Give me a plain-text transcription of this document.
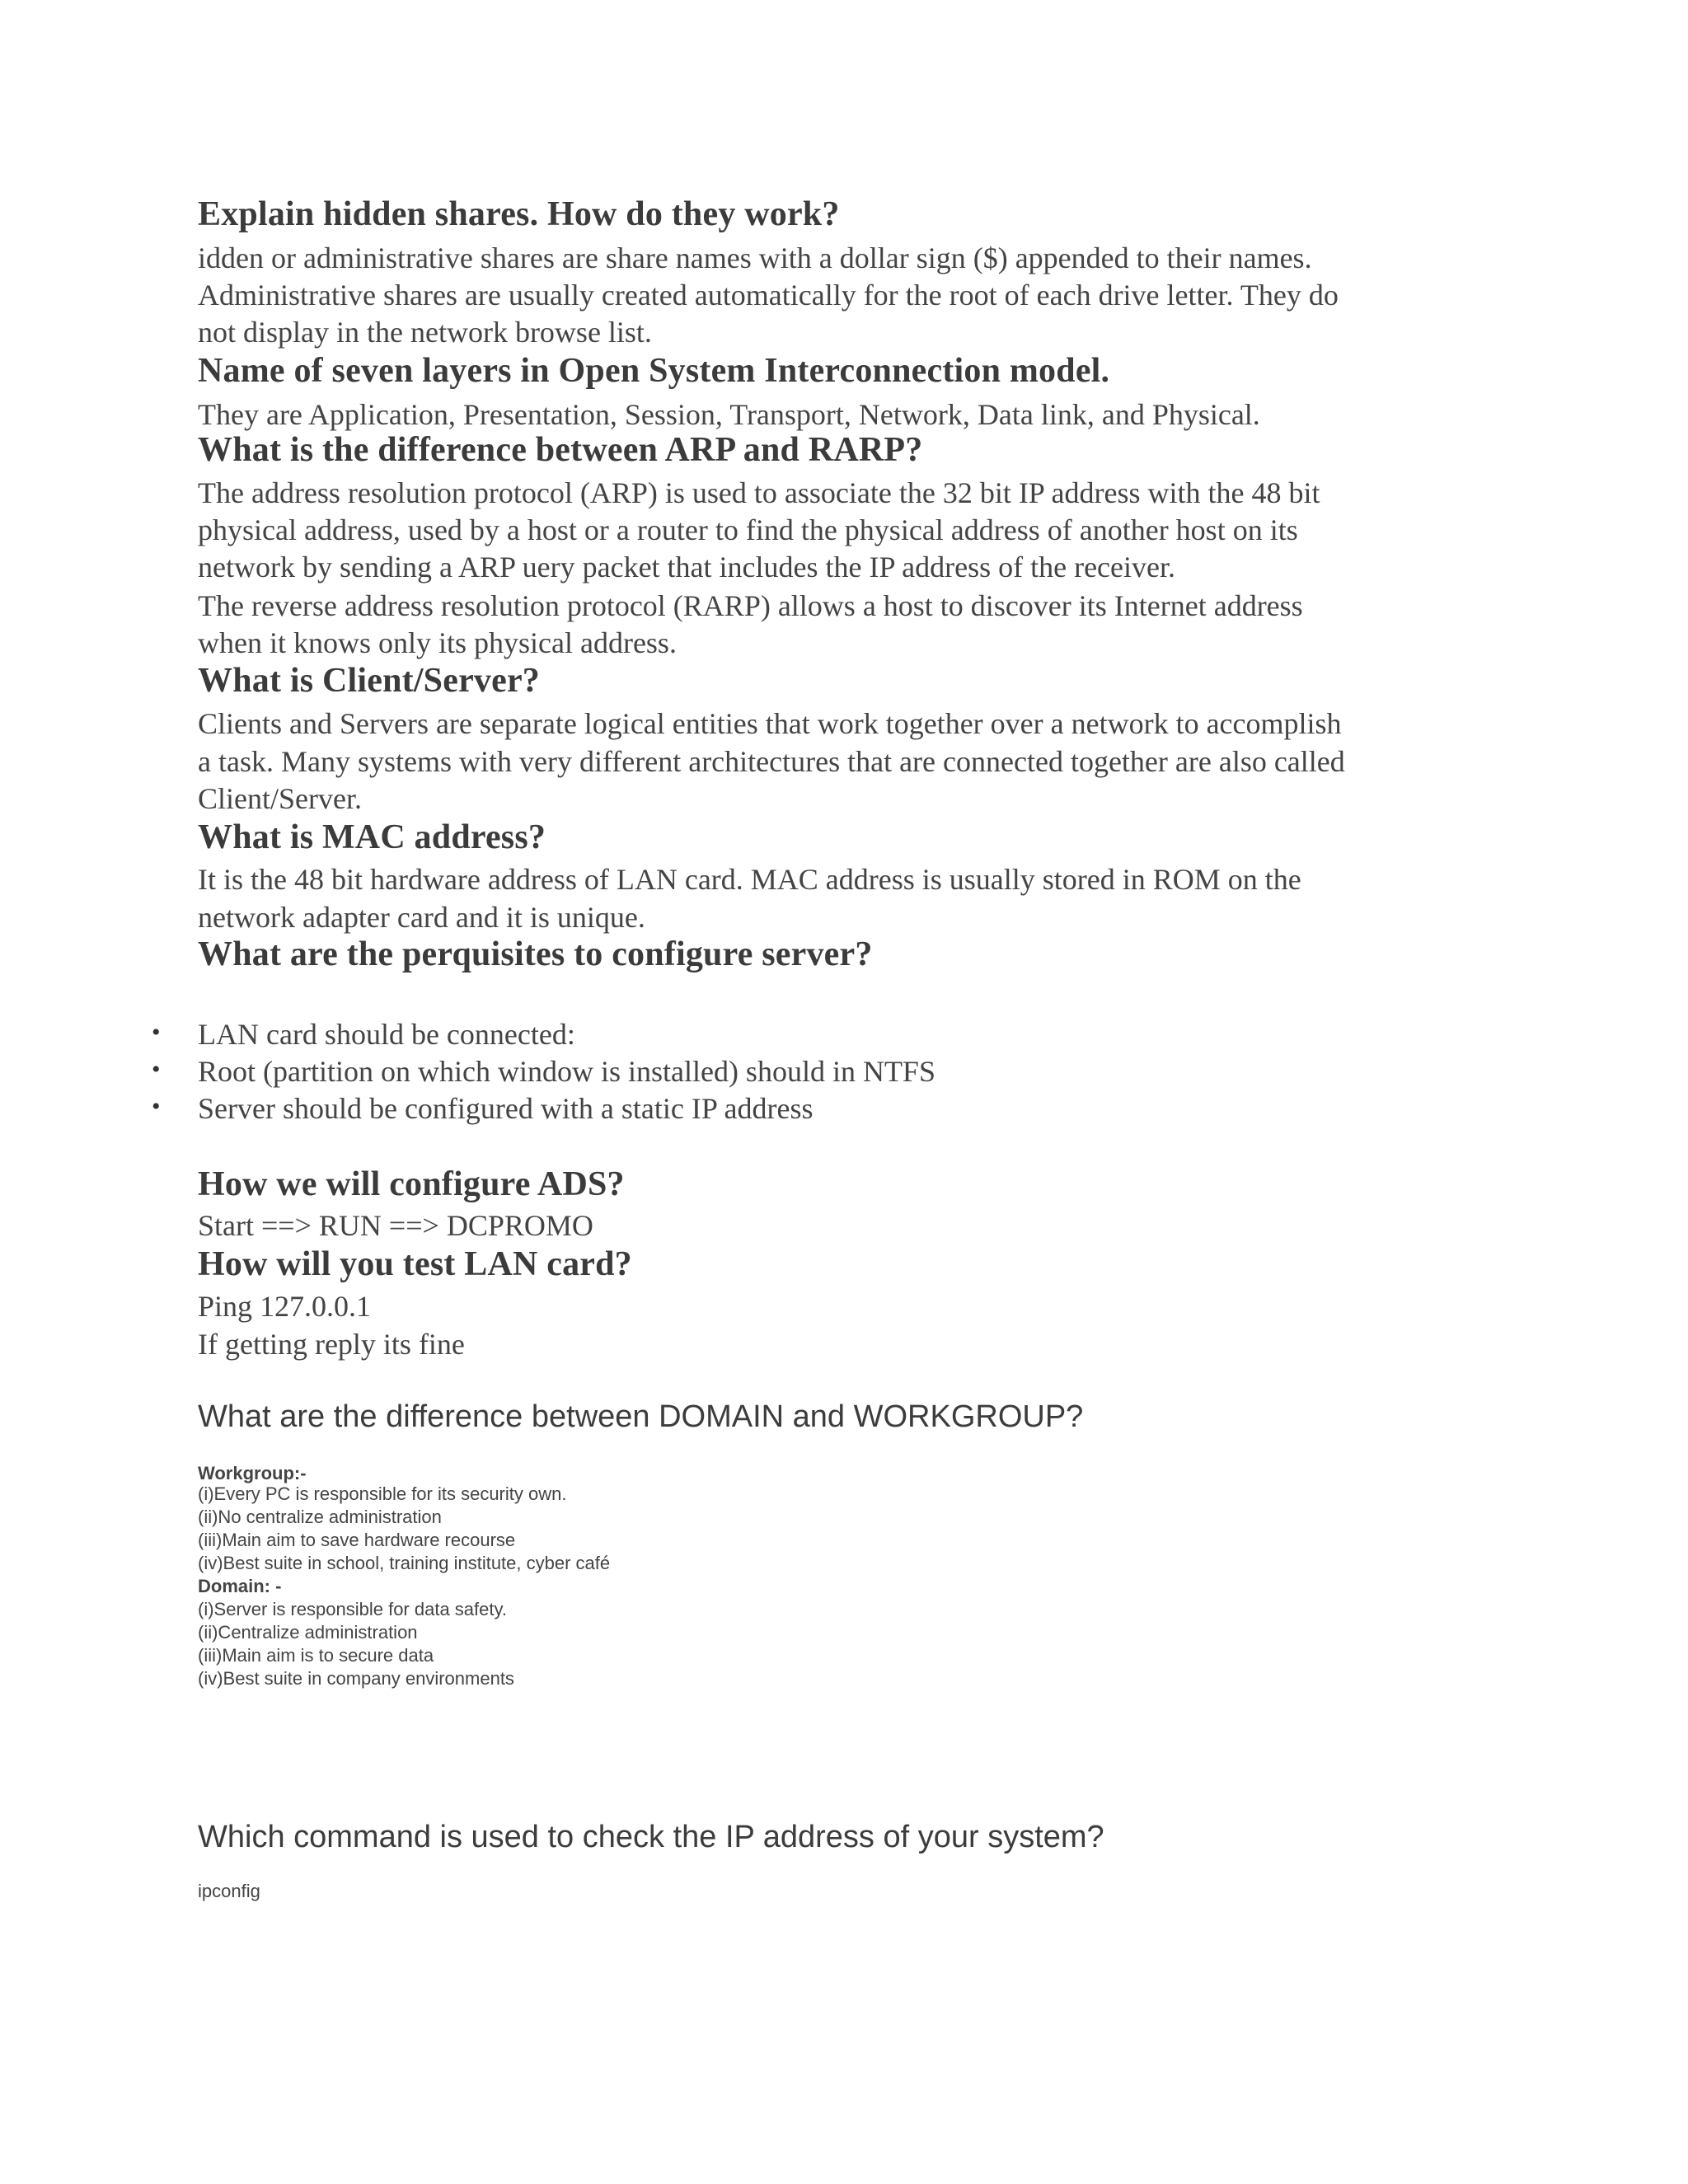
Explain hidden shares. How do they work?
idden or administrative shares are share names with a dollar sign ($) appended to their names.
Administrative shares are usually created automatically for the root of each drive letter. They do
not display in the network browse list.
Name of seven layers in Open System Interconnection model.
They are Application, Presentation, Session, Transport, Network, Data link, and Physical.
What is the difference between ARP and RARP?
The address resolution protocol (ARP) is used to associate the 32 bit IP address with the 48 bit
physical address, used by a host or a router to find the physical address of another host on its
network by sending a ARP uery packet that includes the IP address of the receiver.
The reverse address resolution protocol (RARP) allows a host to discover its Internet address
when it knows only its physical address.
What is Client/Server?
Clients and Servers are separate logical entities that work together over a network to accomplish
a task. Many systems with very different architectures that are connected together are also called
Client/Server.
What is MAC address?
It is the 48 bit hardware address of LAN card. MAC address is usually stored in ROM on the
network adapter card and it is unique.
What are the perquisites to configure server?
• LAN card should be connected:
• Root (partition on which window is installed) should in NTFS
• Server should be configured with a static IP address
How we will configure ADS?
Start ==> RUN ==> DCPROMO
How will you test LAN card?
Ping 127.0.0.1
If getting reply its fine
What are the difference between DOMAIN and WORKGROUP?
Workgroup:-
(i)Every PC is responsible for its security own.
(ii)No centralize administration
(iii)Main aim to save hardware recourse
(iv)Best suite in school, training institute, cyber café
Domain: -
(i)Server is responsible for data safety.
(ii)Centralize administration
(iii)Main aim is to secure data
(iv)Best suite in company environments
Which command is used to check the IP address of your system?
ipconfig
